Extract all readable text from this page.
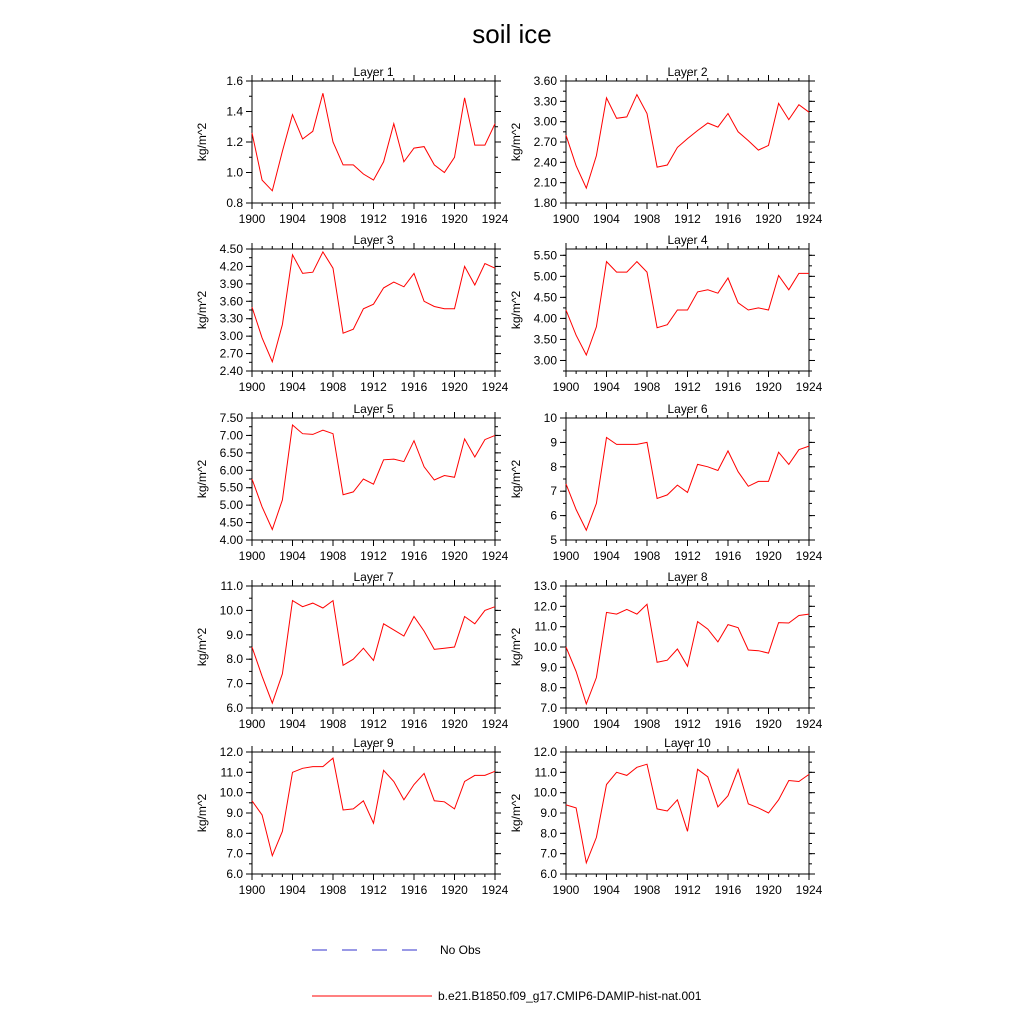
soil ice
Layer 1
kg/m^2
0.8
1.0
1.2
1.4
1.6
1900 1904 1908 1912 1916 1920 1924
Layer 2
kg/m^2
1.80
2.10
2.40
2.70
3.00
3.30
3.60
1900 1904 1908 1912 1916 1920 1924
Layer 3
kg/m^2
2.40
2.70
3.00
3.30
3.60
3.90
4.20
4.50
1900 1904 1908 1912 1916 1920 1924
Layer 4
kg/m^2
3.00
3.50
4.00
4.50
5.00
5.50
1900 1904 1908 1912 1916 1920 1924
Layer 5
kg/m^2
4.00
4.50
5.00
5.50
6.00
6.50
7.00
7.50
1900 1904 1908 1912 1916 1920 1924
Layer 6
kg/m^2
5
6
7
8
9
10
1900 1904 1908 1912 1916 1920 1924
Layer 7
kg/m^2
6.0
7.0
8.0
9.0
10.0
11.0
1900 1904 1908 1912 1916 1920 1924
Layer 8
kg/m^2
7.0
8.0
9.0
10.0
11.0
12.0
13.0
1900 1904 1908 1912 1916 1920 1924
Layer 9
kg/m^2
6.0
7.0
8.0
9.0
10.0
11.0
12.0
1900 1904 1908 1912 1916 1920 1924
Layer 10
kg/m^2
6.0
7.0
8.0
9.0
10.0
11.0
12.0
1900 1904 1908 1912 1916 1920 1924
No Obs
b.e21.B1850.f09_g17.CMIP6-DAMIP-hist-nat.001
